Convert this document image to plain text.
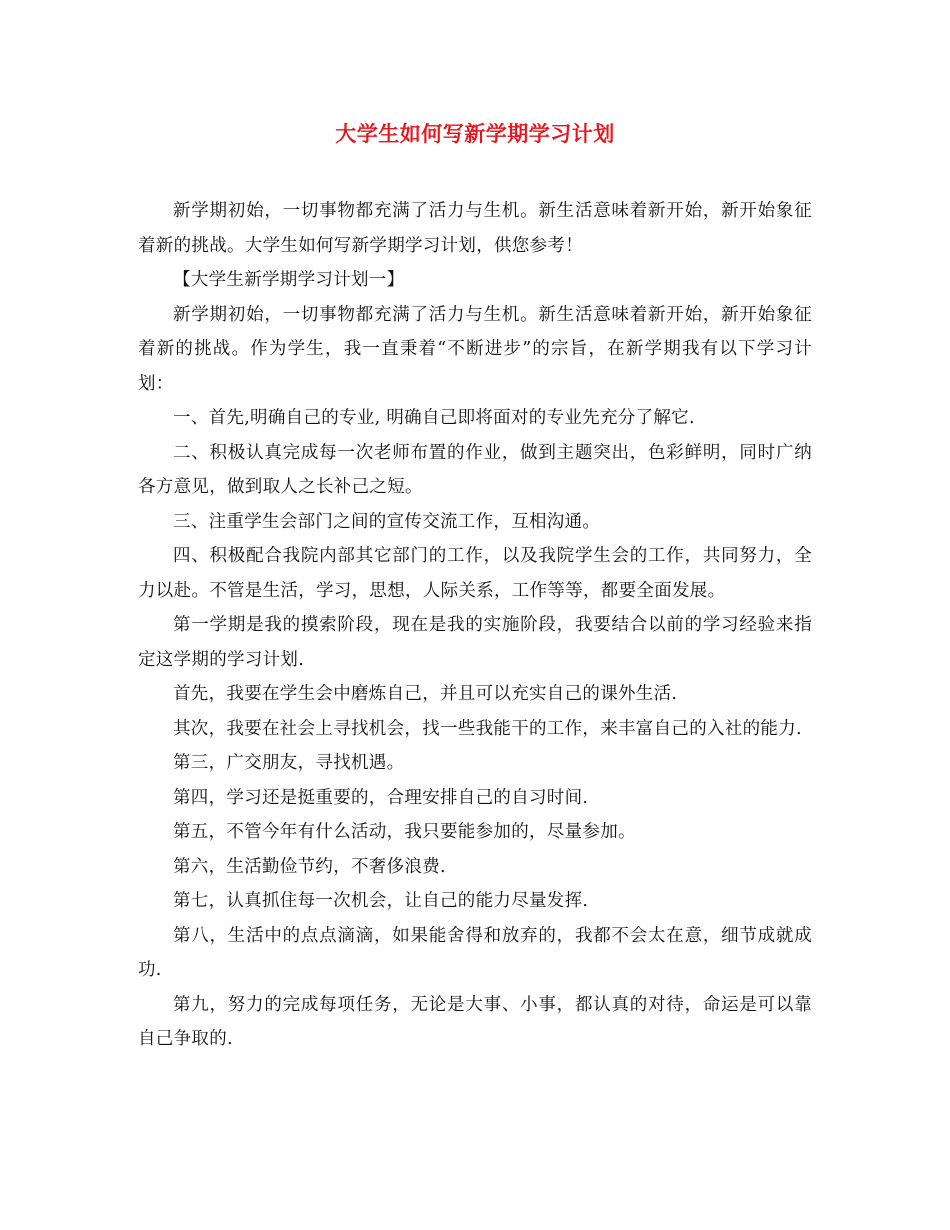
大学生如何写新学期学习计划

新学期初始，一切事物都充满了活力与生机。新生活意味着新开始，新开始象征着新的挑战。大学生如何写新学期学习计划，供您参考！

【大学生新学期学习计划一】

新学期初始，一切事物都充满了活力与生机。新生活意味着新开始，新开始象征着新的挑战。作为学生，我一直秉着“不断进步”的宗旨，在新学期我有以下学习计划：

一、首先,明确自己的专业, 明确自己即将面对的专业先充分了解它.

二、积极认真完成每一次老师布置的作业，做到主题突出，色彩鲜明，同时广纳各方意见，做到取人之长补己之短。

三、注重学生会部门之间的宣传交流工作，互相沟通。

四、积极配合我院内部其它部门的工作，以及我院学生会的工作，共同努力，全力以赴。不管是生活，学习，思想，人际关系，工作等等，都要全面发展。

第一学期是我的摸索阶段，现在是我的实施阶段，我要结合以前的学习经验来指定这学期的学习计划.

首先，我要在学生会中磨炼自己，并且可以充实自己的课外生活.

其次，我要在社会上寻找机会，找一些我能干的工作，来丰富自己的入社的能力.

第三，广交朋友，寻找机遇。

第四，学习还是挺重要的，合理安排自己的自习时间.

第五，不管今年有什么活动，我只要能参加的，尽量参加。

第六，生活勤俭节约，不奢侈浪费.

第七，认真抓住每一次机会，让自己的能力尽量发挥.

第八，生活中的点点滴滴，如果能舍得和放弃的，我都不会太在意，细节成就成功.

第九，努力的完成每项任务，无论是大事、小事，都认真的对待，命运是可以靠自己争取的.
